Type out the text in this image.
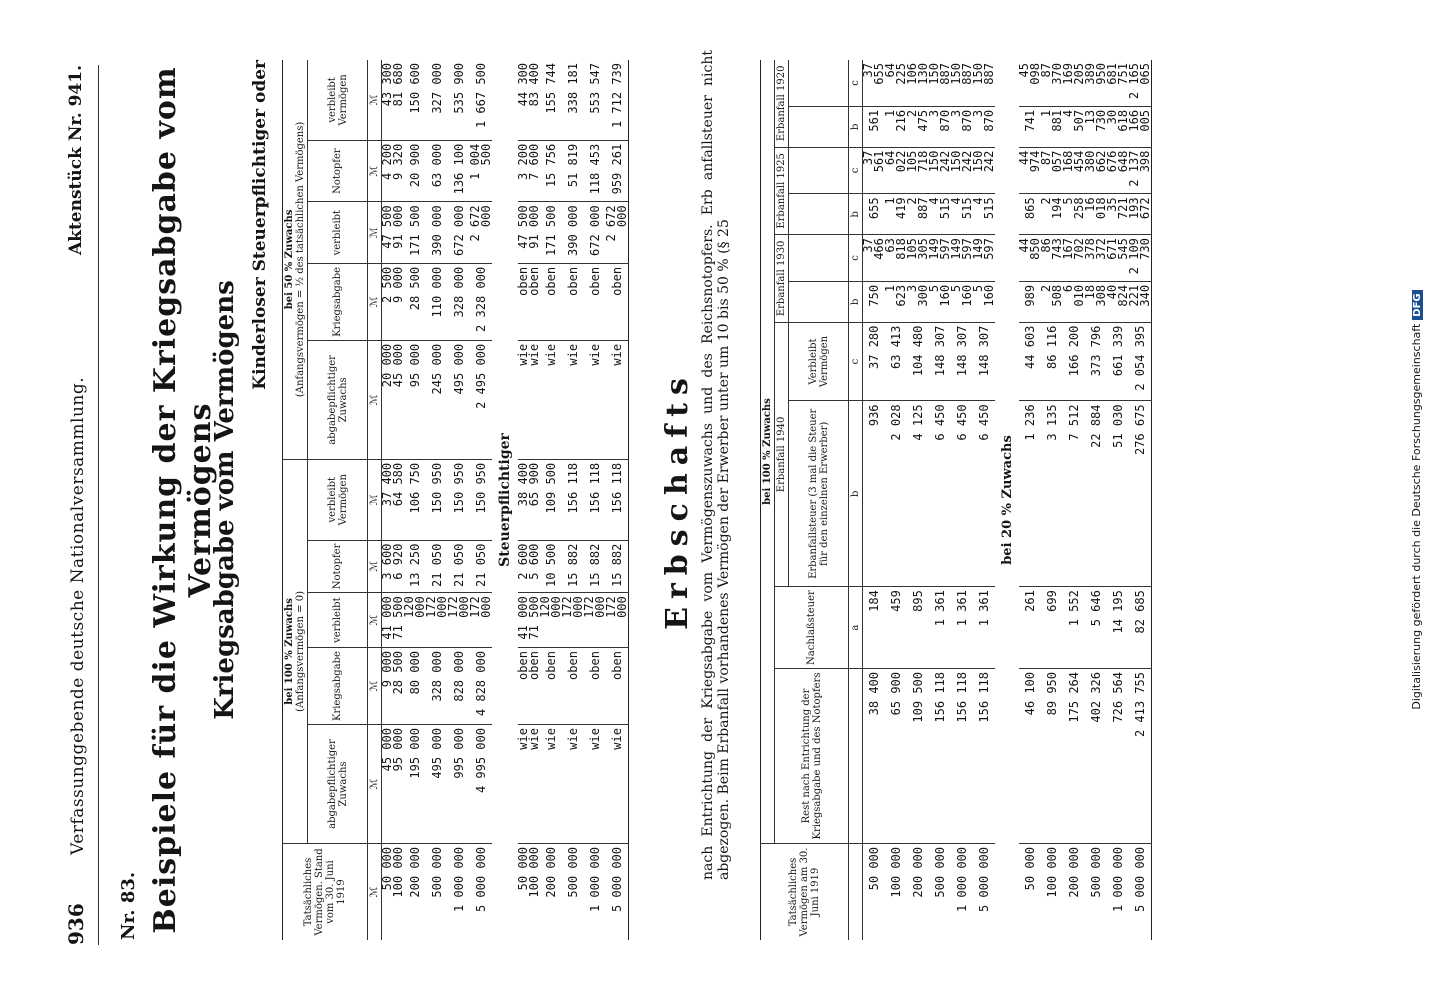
936
Verfassunggebende deutsche Nationalversammlung.
Aktenstück Nr. 941.
Nr. 83. Beispiele für die Wirkung der Kriegsabgabe vom Vermögens
Kriegsabgabe vom Vermögens
Kinderloser Steuerpflichtiger oder
Tatsächliches Vermögen. Stand vom 30. Juni 1919	bei 100 % Zuwachs
(Anfangsvermögen = 0)					bei 50 % Zuwachs
(Anfangsvermögen = ½ des tatsächlichen Vermögens)				
	abgabepflichtiger Zuwachs	Kriegsabgabe	verbleibt	Notopfer	verbleibt Vermögen	abgabepflichtiger Zuwachs	Kriegsabgabe	verbleibt	Notopfer	verbleibt Vermögen
ℳ	ℳ	ℳ	ℳ	ℳ	ℳ	ℳ	ℳ	ℳ	ℳ	ℳ
50 000	45 000	9 000	41 000	3 600	37 400	20 000	2 500	47 500	4 200	43 300
100 000	95 000	28 500	71 500	6 920	64 580	45 000	9 000	91 000	9 320	81 680
200 000	195 000	80 000	120 000	13 250	106 750	95 000	28 500	171 500	20 900	150 600
500 000	495 000	328 000	172 000	21 050	150 950	245 000	110 000	390 000	63 000	327 000
1 000 000	995 000	828 000	172 000	21 050	150 950	495 000	328 000	672 000	136 100	535 900
5 000 000	4 995 000	4 828 000	172 000	21 050	150 950	2 495 000	2 328 000	2 672 000	1 004 500	1 667 500
Steuerpflichtiger										
50 000	wie	oben	41 000	2 600	38 400	wie	oben	47 500	3 200	44 300
100 000	wie	oben	71 500	5 600	65 900	wie	oben	91 000	7 600	83 400
200 000	wie	oben	120 000	10 500	109 500	wie	oben	171 500	15 756	155 744
500 000	wie	oben	172 000	15 882	156 118	wie	oben	390 000	51 819	338 181
1 000 000	wie	oben	172 000	15 882	156 118	wie	oben	672 000	118 453	553 547
5 000 000	wie	oben	172 000	15 882	156 118	wie	oben	2 672 000	959 261	1 712 739
Erbschafts nach Entrichtung der Kriegsabgabe vom Vermögenszuwachs und des Reichsnotopfers. Erb anfallsteuer nicht abgezogen. Beim Erbanfall vorhandenes Vermögen der Erwerber unter um 10 bis 50 % (§ 25
Tatsächliches Vermögen am 30. Juni 1919	bei 100 % Zuwachs									
	Rest nach Entrichtung der Kriegsabgabe und des Notopfers	Nachlaßsteuer	Erbanfall 1940		Erbanfall 1930		Erbanfall 1925		Erbanfall 1920	
			Erbanfallsteuer (3 mal die Steuer für den einzelnen Erwerber)	Verbleibt Vermögen						
		a	b	c	b	c	b	c	b	c
50 000	38 400	184	936	37 280	750	37 466	655	37 561	561	37 655
100 000	65 900	459	2 028	63 413	1 623	63 818	1 419	64 022	1 216	64 225
200 000	109 500	895	4 125	104 480	3 300	105 305	2 887	105 718	2 475	106 130
500 000	156 118	1 361	6 450	148 307	5 160	149 597	4 515	150 242	3 870	150 887
1 000 000	156 118	1 361	6 450	148 307	5 160	149 597	4 515	150 242	3 870	150 887
5 000 000	156 118	1 361	6 450	148 307	5 160	149 597	4 515	150 242	3 870	150 887
bei 20 % Zuwachs										
50 000	46 100	261	1 236	44 603	989	44 850	865	44 974	741	45 098
100 000	89 950	699	3 135	86 116	2 508	86 743	2 194	87 057	1 881	87 370
200 000	175 264	1 552	7 512	166 200	6 010	167 702	5 258	168 454	4 507	169 205
500 000	402 326	5 646	22 884	373 796	18 308	378 372	16 018	380 662	13 730	389 950
1 000 000	726 564	14 195	51 030	661 339	40 824	671 545	35 721	676 648	30 618	681 751
5 000 000	2 413 755	82 685	276 675	2 054 395	221 340	2 109 730	193 672	2 137 398	166 005	2 165 065
Digitalisierung gefördert durch die Deutsche ForschungsgemeinschaftDFG
